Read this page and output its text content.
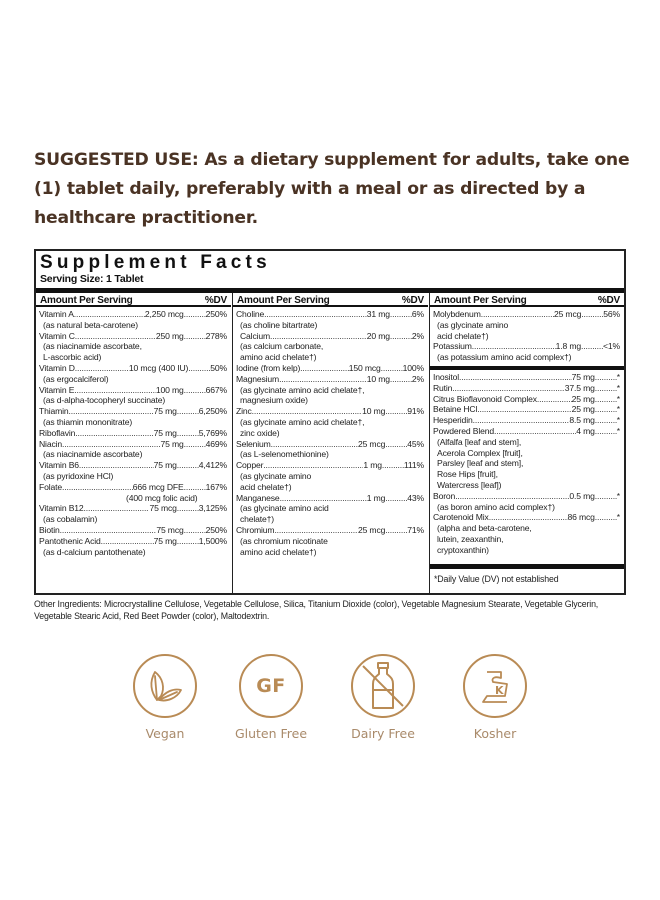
SUGGESTED USE: As a dietary supplement for adults, take one (1) tablet daily, preferably with a meal or as directed by a healthcare practitioner.
Supplement Facts
Serving Size: 1 Tablet
Amount Per Serving	%DV
Vitamin A .....	2,250 mcg .....	250%
(as natural beta-carotene)
Vitamin C .....	250 mg .....	278%
(as niacinamide ascorbate,
L-ascorbic acid)
Vitamin D .....	10 mcg (400 IU) .....	50%
(as ergocalciferol)
Vitamin E .....	100 mg .....	667%
(as d-alpha-tocopheryl succinate)
Thiamin .....	75 mg .....	6,250%
(as thiamin mononitrate)
Riboflavin .....	75 mg .....	5,769%
Niacin .....	75 mg .....	469%
(as niacinamide ascorbate)
Vitamin B6 .....	75 mg .....	4,412%
(as pyridoxine HCl)
Folate .....	666 mcg DFE .....	167%
(400 mcg folic acid)
Vitamin B12 .....	75 mcg .....	3,125%
(as cobalamin)
Biotin .....	75 mcg .....	250%
Pantothenic Acid .....	75 mg .....	1,500%
(as d-calcium pantothenate)
Amount Per Serving	%DV
Choline .....	31 mg .....	6%
(as choline bitartrate)
Calcium .....	20 mg .....	2%
(as calcium carbonate,
amino acid chelate†)
Iodine (from kelp) .....	150 mcg .....	100%
Magnesium .....	10 mg .....	2%
(as glycinate amino acid chelate†,
magnesium oxide)
Zinc .....	10 mg .....	91%
(as glycinate amino acid chelate†,
zinc oxide)
Selenium .....	25 mcg .....	45%
(as L-selenomethionine)
Copper .....	1 mg .....	111%
(as glycinate amino
acid chelate†)
Manganese .....	1 mg .....	43%
(as glycinate amino acid
chelate†)
Chromium .....	25 mcg .....	71%
(as chromium nicotinate
amino acid chelate†)
Amount Per Serving	%DV
Molybdenum .....	25 mcg .....	56%
(as glycinate amino
acid chelate†)
Potassium .....	1.8 mg .....	<1%
(as potassium amino acid complex†)
Inositol .....	75 mg .....	*
Rutin .....	37.5 mg .....	*
Citrus Bioflavonoid Complex .....	25 mg .....	*
Betaine HCl .....	25 mg .....	*
Hesperidin .....	8.5 mg .....	*
Powdered Blend .....	4 mg .....	*
(Alfalfa [leaf and stem],
Acerola Complex [fruit],
Parsley [leaf and stem],
Rose Hips [fruit],
Watercress [leaf])
Boron .....	0.5 mg .....	*
(as boron amino acid complex†)
Carotenoid Mix .....	86 mcg .....	*
(alpha and beta-carotene,
lutein, zeaxanthin,
cryptoxanthin)
*Daily Value (DV) not established
Other Ingredients: Microcrystalline Cellulose, Vegetable Cellulose, Silica, Titanium Dioxide (color), Vegetable Magnesium Stearate, Vegetable Glycerin, Vegetable Stearic Acid, Red Beet Powder (color), Maltodextrin.
Vegan
GF
Gluten Free	Dairy Free
K
Kosher
